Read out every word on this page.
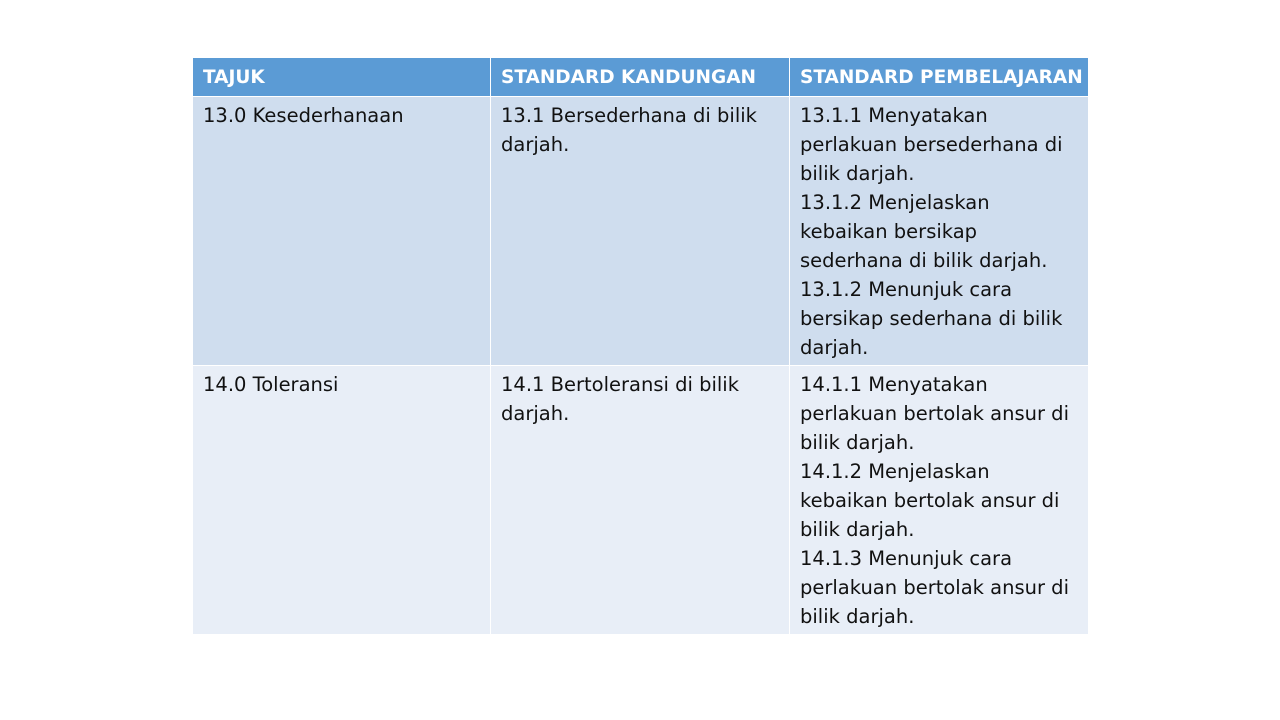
TAJUK	STANDARD KANDUNGAN	STANDARD PEMBELAJARAN
13.0 Kesederhanaan	13.1 Bersederhana di bilik darjah.	13.1.1 Menyatakan perlakuan bersederhana di bilik darjah.
13.1.2 Menjelaskan kebaikan bersikap sederhana di bilik darjah.
13.1.2 Menunjuk cara bersikap sederhana di bilik darjah.

14.0 Toleransi	14.1 Bertoleransi di bilik darjah.	14.1.1 Menyatakan perlakuan bertolak ansur di bilik darjah.
14.1.2 Menjelaskan kebaikan bertolak ansur di bilik darjah.
14.1.3 Menunjuk cara perlakuan bertolak ansur di bilik darjah.
